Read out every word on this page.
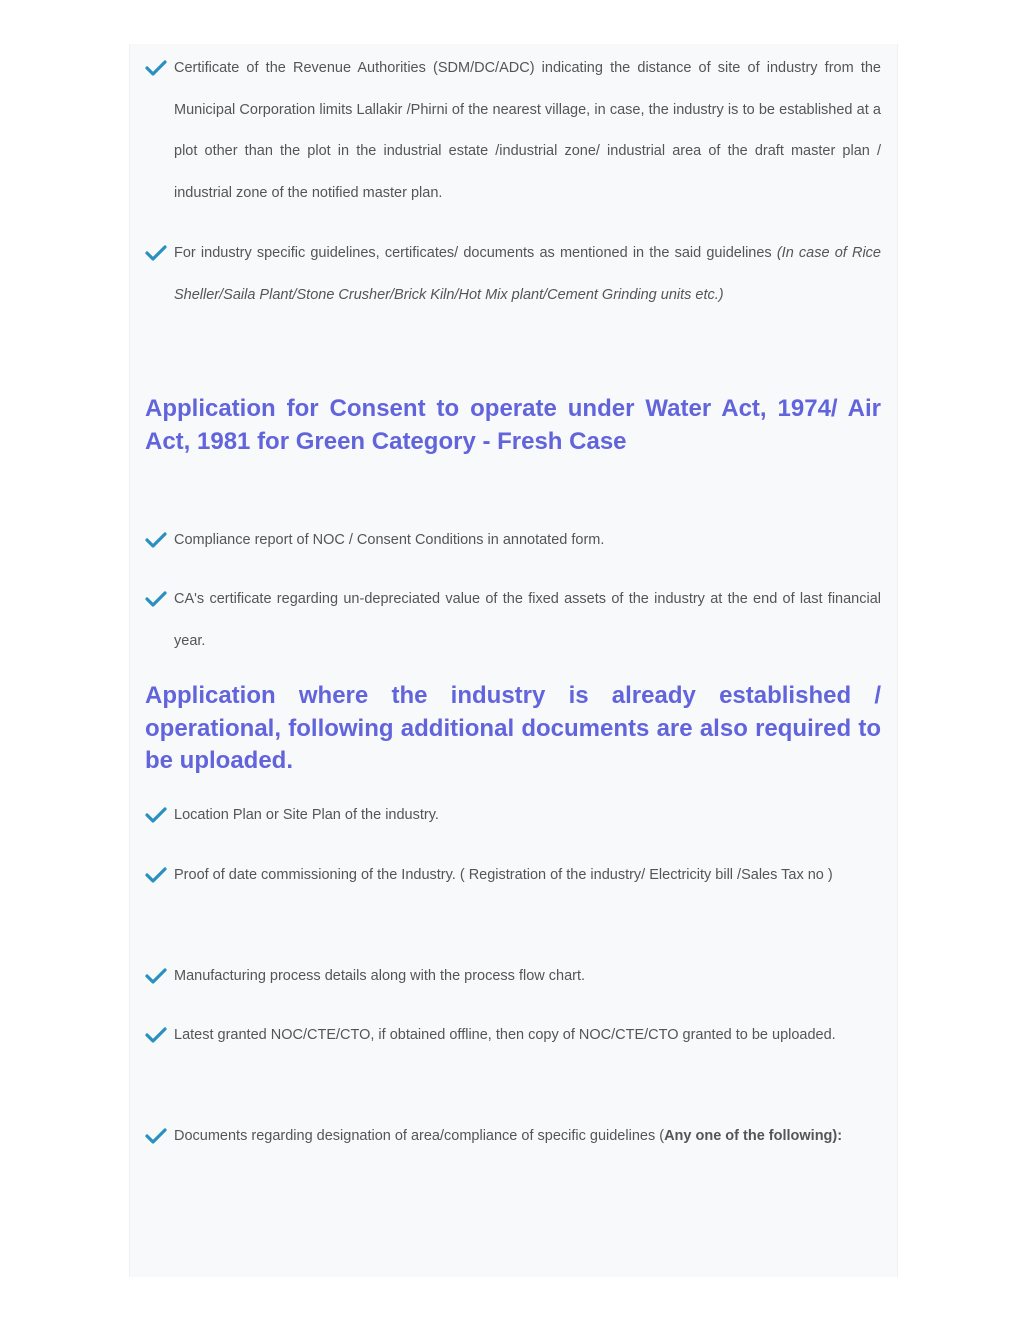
Certificate of the Revenue Authorities (SDM/DC/ADC) indicating the distance of site of industry from the Municipal Corporation limits Lallakir /Phirni of the nearest village, in case, the industry is to be established at a plot other than the plot in the industrial estate /industrial zone/ industrial area of the draft master plan / industrial zone of the notified master plan.
For industry specific guidelines, certificates/ documents as mentioned in the said guidelines (In case of Rice Sheller/Saila Plant/Stone Crusher/Brick Kiln/Hot Mix plant/Cement Grinding units etc.)
Application for Consent to operate under Water Act, 1974/ Air Act, 1981 for Green Category - Fresh Case
Compliance report of NOC / Consent Conditions in annotated form.
CA's certificate regarding un-depreciated value of the fixed assets of the industry at the end of last financial year.
Application where the industry is already established / operational, following additional documents are also required to be uploaded.
Location Plan or Site Plan of the industry.
Proof of date commissioning of the Industry. ( Registration of the industry/ Electricity bill /Sales Tax no )
Manufacturing process details along with the process flow chart.
Latest granted NOC/CTE/CTO, if obtained offline, then copy of NOC/CTE/CTO granted to be uploaded.
Documents regarding designation of area/compliance of specific guidelines (Any one of the following):
